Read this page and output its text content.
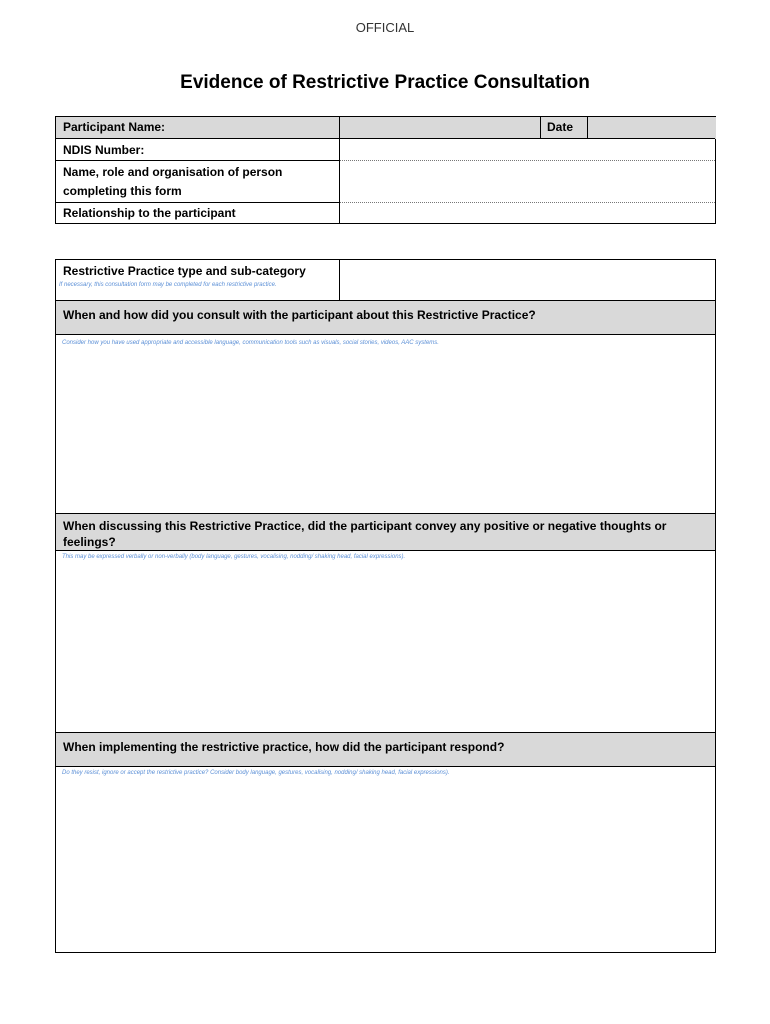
OFFICIAL
Evidence of Restrictive Practice Consultation
Participant Name:	Date
NDIS Number:
Name, role and organisation of person completing this form
Relationship to the participant
Restrictive Practice type and sub-category
If necessary, this consultation form may be completed for each restrictive practice.
When and how did you consult with the participant about this Restrictive Practice?
Consider how you have used appropriate and accessible language, communication tools such as visuals, social stories, videos, AAC systems.
When discussing this Restrictive Practice, did the participant convey any positive or negative thoughts or feelings?
This may be expressed verbally or non-verbally (body language, gestures, vocalising, nodding/ shaking head, facial expressions).
When implementing the restrictive practice, how did the participant respond?
Do they resist, ignore or accept the restrictive practice? Consider body language, gestures, vocalising, nodding/ shaking head, facial expressions).
